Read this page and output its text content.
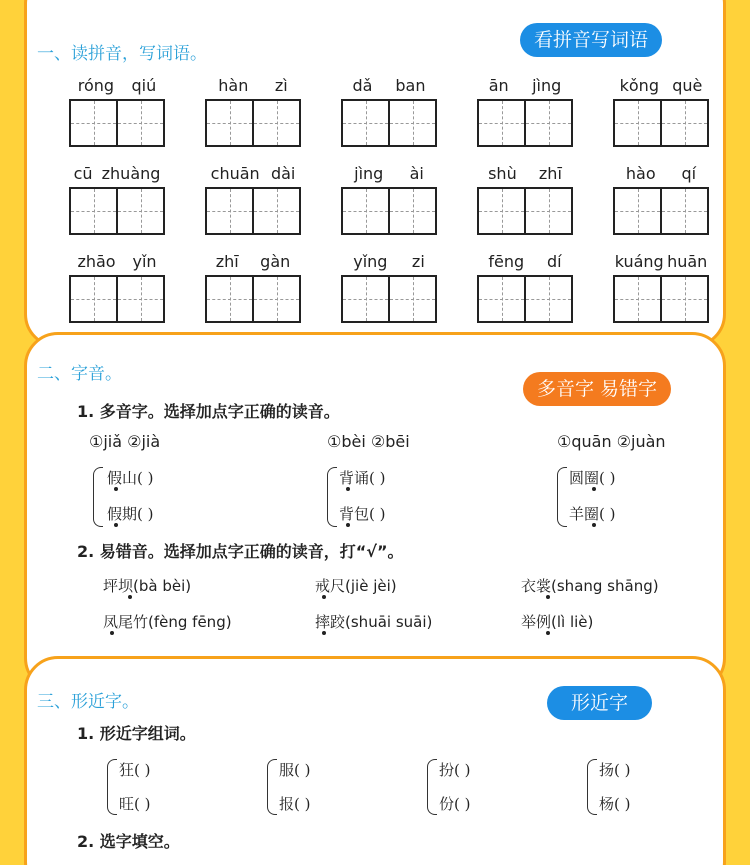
一、读拼音，写词语。
看拼音写词语
róng qiú	hàn zì	dǎ ban	ān jìng	kǒng què
cū zhuàng	chuān dài	jìng ài	shù zhī	hào qí
zhāo yǐn	zhī gàn	yǐng zi	fēng dí	kuáng huān
二、字音。
多音字 易错字
1. 多音字。选择加点字正确的读音。
①jiǎ ②jià
假山( )
假期( )
①bèi ②bēi
背诵( )
背包( )
①quān ②juàn
圆圈( )
羊圈( )
2. 易错音。选择加点字正确的读音，打“√”。
坪坝(bà bèi)	戒尺(jiè jèi)	衣裳(shang shāng)
凤尾竹(fèng fēng)	摔跤(shuāi suāi)	举例(lì liè)
三、形近字。	形近字
1. 形近字组词。
狂( )
旺( )
服( )
报( )
扮( )
份( )
扬( )
杨( )
2. 选字填空。
